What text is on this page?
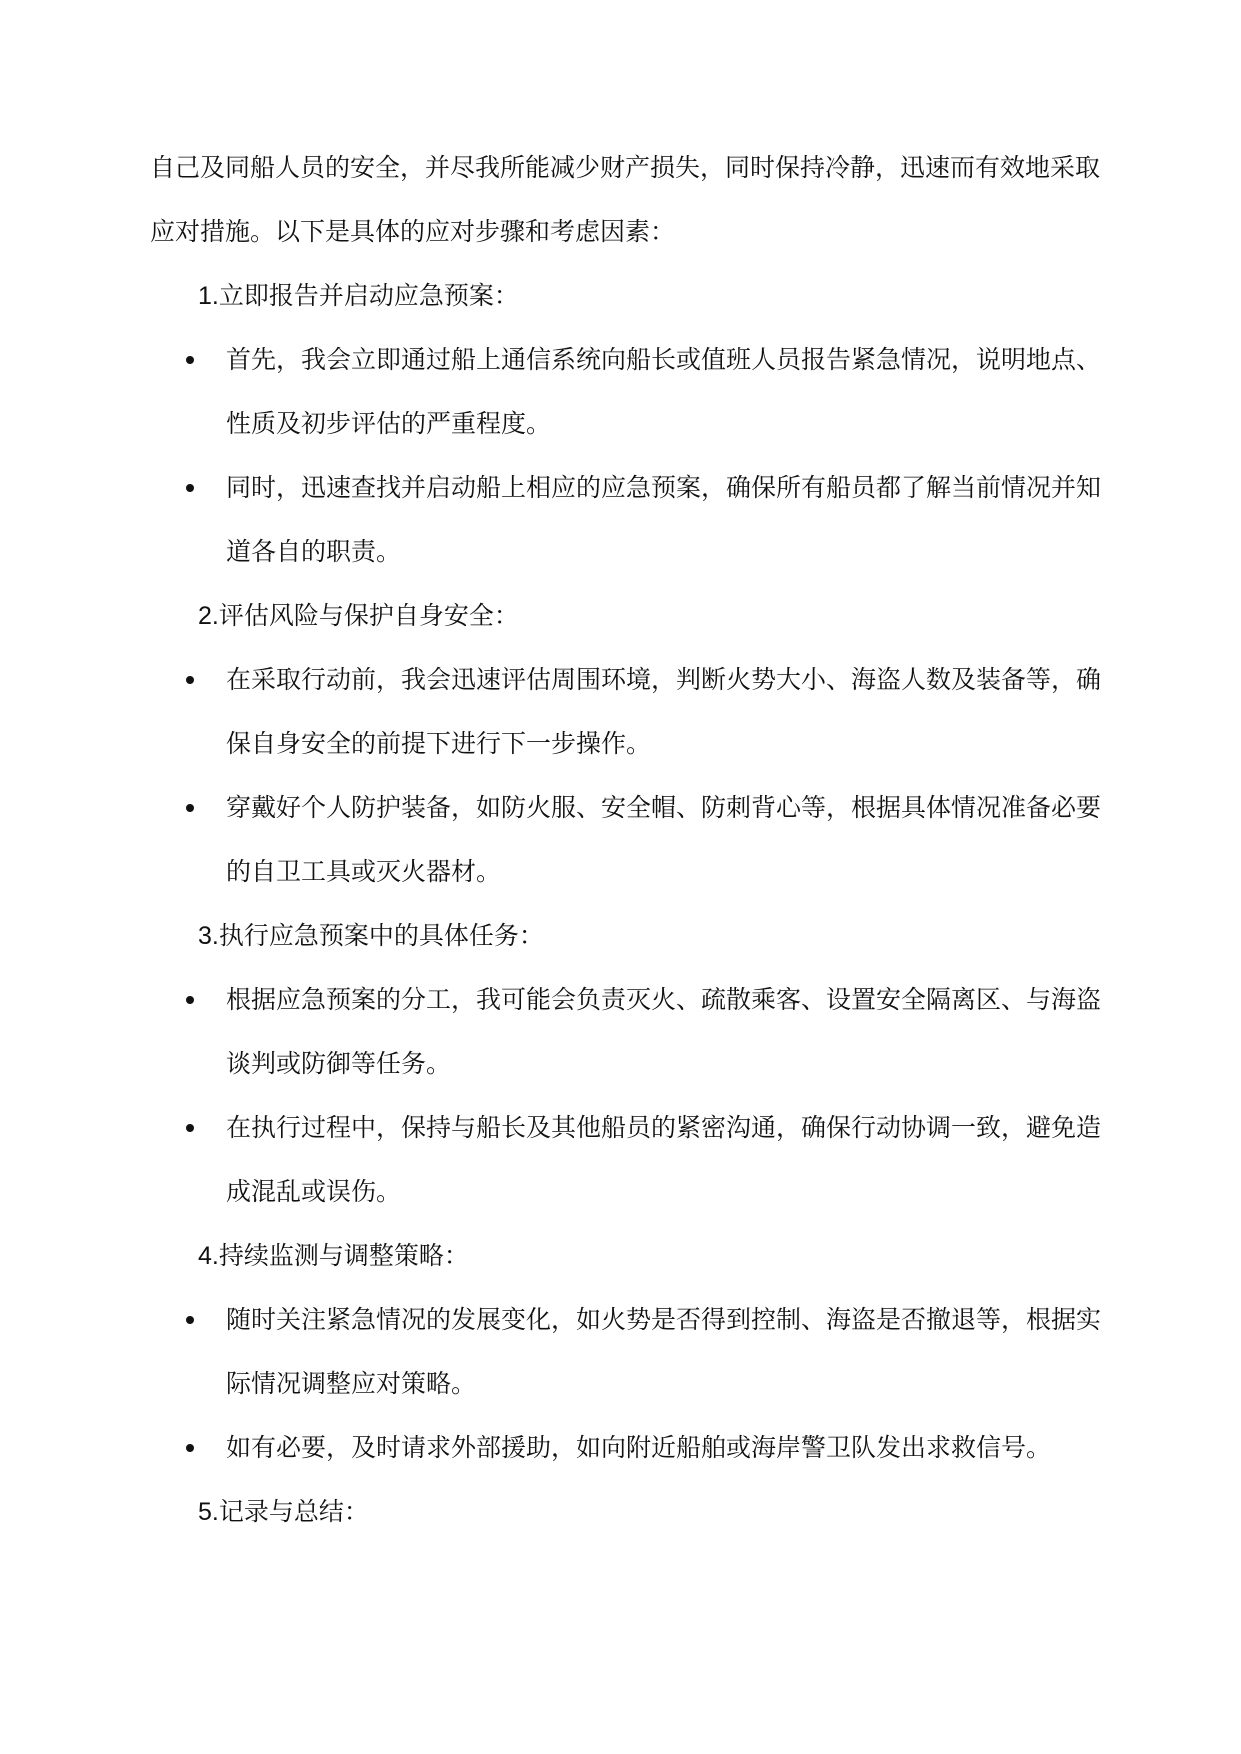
自己及同船人员的安全，并尽我所能减少财产损失，同时保持冷静，迅速而有效地采取
应对措施。以下是具体的应对步骤和考虑因素：

1.立即报告并启动应急预案：

首先，我会立即通过船上通信系统向船长或值班人员报告紧急情况，说明地点、
性质及初步评估的严重程度。
同时，迅速查找并启动船上相应的应急预案，确保所有船员都了解当前情况并知
道各自的职责。

2.评估风险与保护自身安全：

在采取行动前，我会迅速评估周围环境，判断火势大小、海盗人数及装备等，确
保自身安全的前提下进行下一步操作。
穿戴好个人防护装备，如防火服、安全帽、防刺背心等，根据具体情况准备必要
的自卫工具或灭火器材。

3.执行应急预案中的具体任务：

根据应急预案的分工，我可能会负责灭火、疏散乘客、设置安全隔离区、与海盗
谈判或防御等任务。
在执行过程中，保持与船长及其他船员的紧密沟通，确保行动协调一致，避免造
成混乱或误伤。

4.持续监测与调整策略：

随时关注紧急情况的发展变化，如火势是否得到控制、海盗是否撤退等，根据实
际情况调整应对策略。
如有必要，及时请求外部援助，如向附近船舶或海岸警卫队发出求救信号。

5.记录与总结：
